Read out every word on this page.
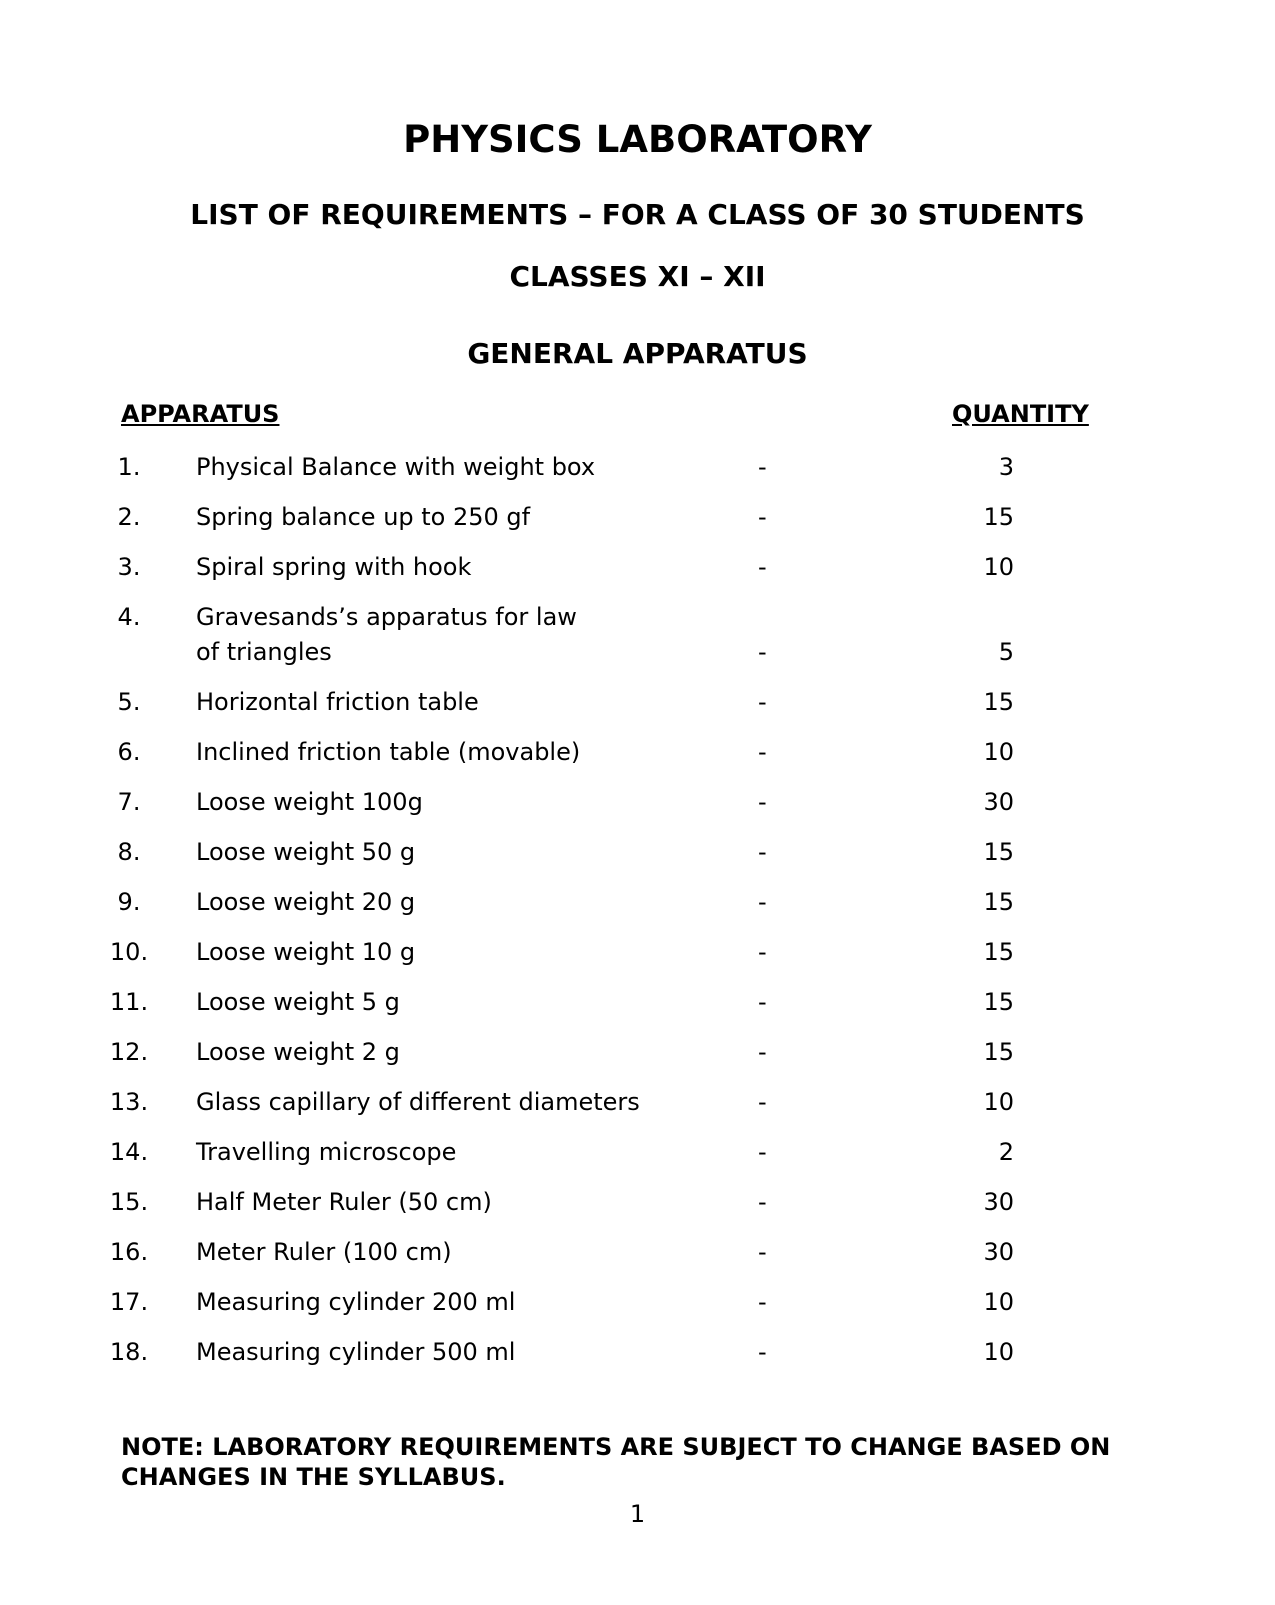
PHYSICS LABORATORY
LIST OF REQUIREMENTS – FOR A CLASS OF 30 STUDENTS
CLASSES XI – XII
GENERAL APPARATUS
APPARATUS	QUANTITY
1.	Physical Balance with weight box	-	3
2.	Spring balance up to 250 gf	-	15
3.	Spiral spring with hook	-	10
4.	Gravesands’s apparatus for law
of triangles	-	5
5.	Horizontal friction table	-	15
6.	Inclined friction table (movable)	-	10
7.	Loose weight 100g	-	30
8.	Loose weight 50 g	-	15
9.	Loose weight 20 g	-	15
10. Loose weight 10 g	-	15
11. Loose weight 5 g	-	15
12. Loose weight 2 g	-	15
13. Glass capillary of different diameters	-	10
14. Travelling microscope	-	2
15. Half Meter Ruler (50 cm)	-	30
16. Meter Ruler (100 cm)	-	30
17. Measuring cylinder 200 ml	-	10
18. Measuring cylinder 500 ml	-	10
NOTE: LABORATORY REQUIREMENTS ARE SUBJECT TO CHANGE BASED ON
CHANGES IN THE SYLLABUS.
1
